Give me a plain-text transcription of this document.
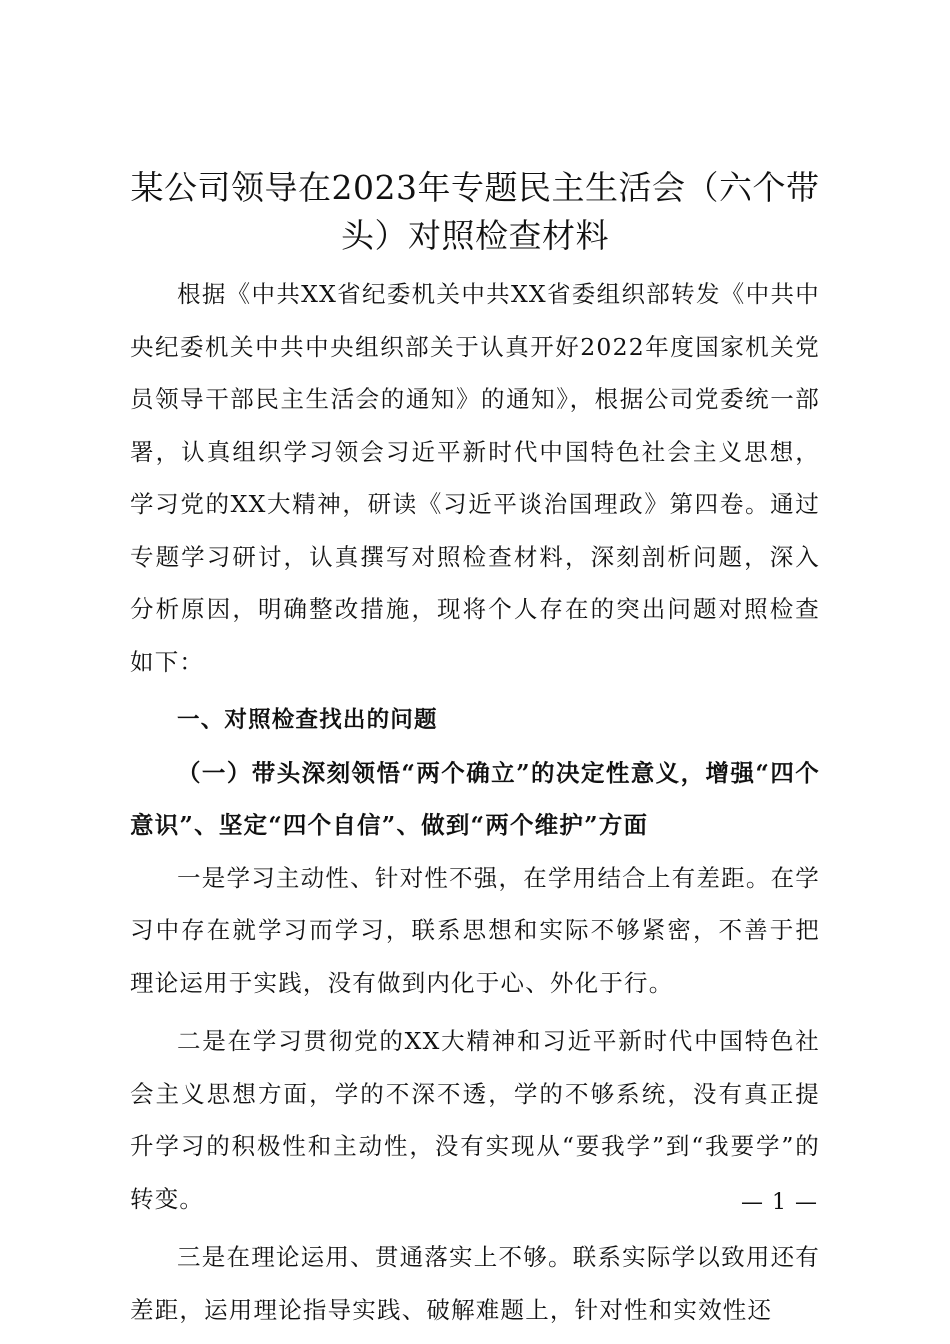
某公司领导在2023年专题民主生活会（六个带头）对照检查材料

根据《中共XX省纪委机关中共XX省委组织部转发《中共中央纪委机关中共中央组织部关于认真开好2022年度国家机关党员领导干部民主生活会的通知》的通知》，根据公司党委统一部署，认真组织学习领会习近平新时代中国特色社会主义思想，学习党的XX大精神，研读《习近平谈治国理政》第四卷。通过专题学习研讨，认真撰写对照检查材料，深刻剖析问题，深入分析原因，明确整改措施，现将个人存在的突出问题对照检查如下：

一、对照检查找出的问题

（一）带头深刻领悟“两个确立”的决定性意义，增强“四个意识”、坚定“四个自信”、做到“两个维护”方面

一是学习主动性、针对性不强，在学用结合上有差距。在学习中存在就学习而学习，联系思想和实际不够紧密，不善于把理论运用于实践，没有做到内化于心、外化于行。

二是在学习贯彻党的XX大精神和习近平新时代中国特色社会主义思想方面，学的不深不透，学的不够系统，没有真正提升学习的积极性和主动性，没有实现从“要我学”到“我要学”的转变。

三是在理论运用、贯通落实上不够。联系实际学以致用还有差距，运用理论指导实践、破解难题上，针对性和实效性还

— 1 —
